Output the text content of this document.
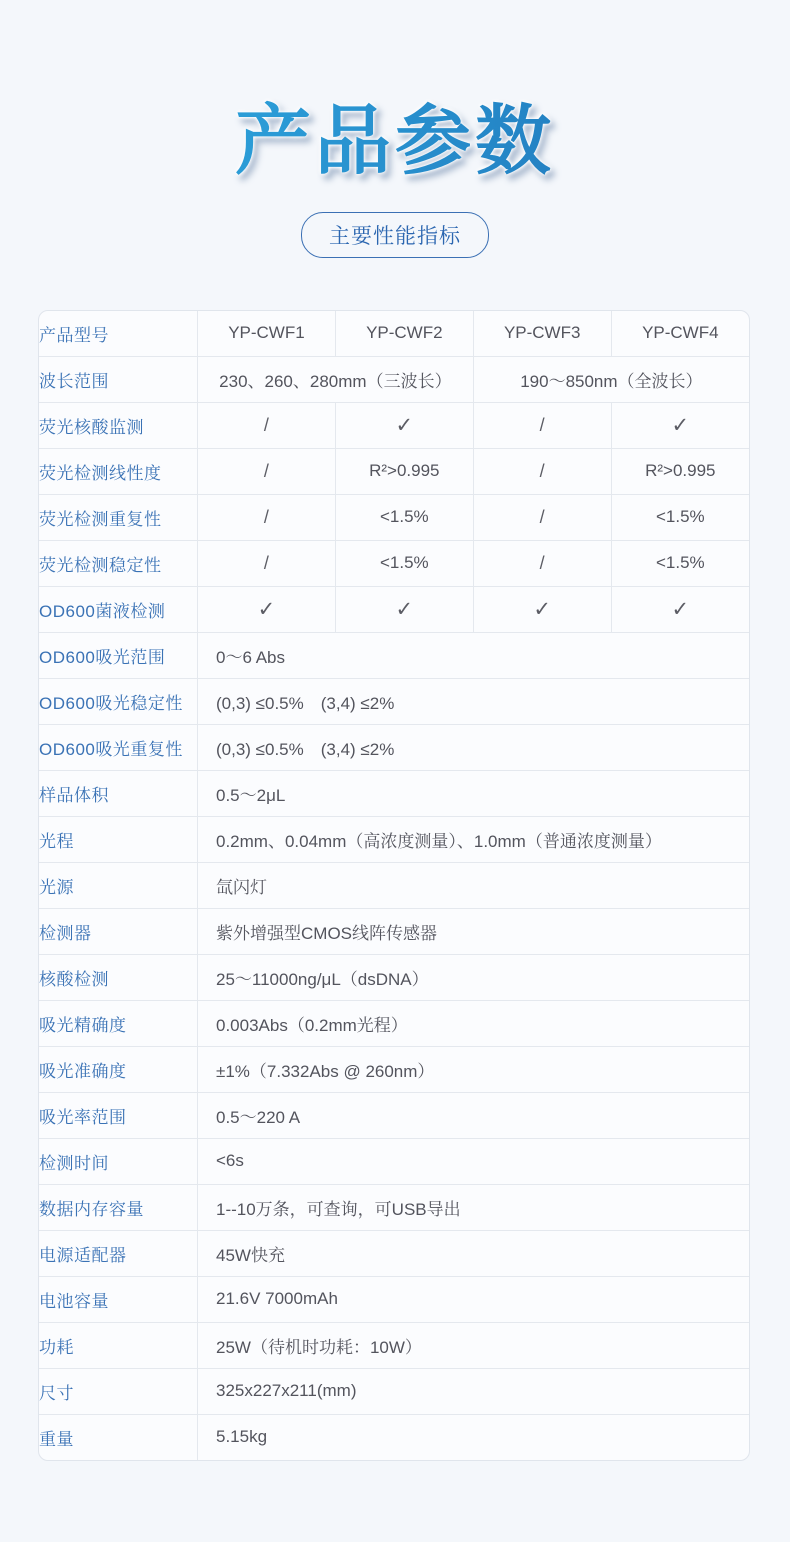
产品参数
主要性能指标
产品型号	YP-CWF1	YP-CWF2	YP-CWF3	YP-CWF4
波长范围	230、260、280mm（三波长）		190～850nm（全波长）	
荧光核酸监测	/	✓	/	✓
荧光检测线性度	/	R²>0.995	/	R²>0.995
荧光检测重复性	/	<1.5%	/	<1.5%
荧光检测稳定性	/	<1.5%	/	<1.5%
OD600菌液检测	✓	✓	✓	✓
OD600吸光范围	0～6 Abs			
OD600吸光稳定性	(0,3) ≤0.5%　(3,4) ≤2%			
OD600吸光重复性	(0,3) ≤0.5%　(3,4) ≤2%			
样品体积	0.5～2μL			
光程	0.2mm、0.04mm（高浓度测量）、1.0mm（普通浓度测量）			
光源	氙闪灯			
检测器	紫外增强型CMOS线阵传感器			
核酸检测	25～11000ng/μL（dsDNA）			
吸光精确度	0.003Abs（0.2mm光程）			
吸光准确度	±1%（7.332Abs @ 260nm）			
吸光率范围	0.5～220 A			
检测时间	<6s			
数据内存容量	1--10万条，可查询，可USB导出			
电源适配器	45W快充			
电池容量	21.6V 7000mAh			
功耗	25W（待机时功耗：10W）			
尺寸	325x227x211(mm)			
重量	5.15kg			
